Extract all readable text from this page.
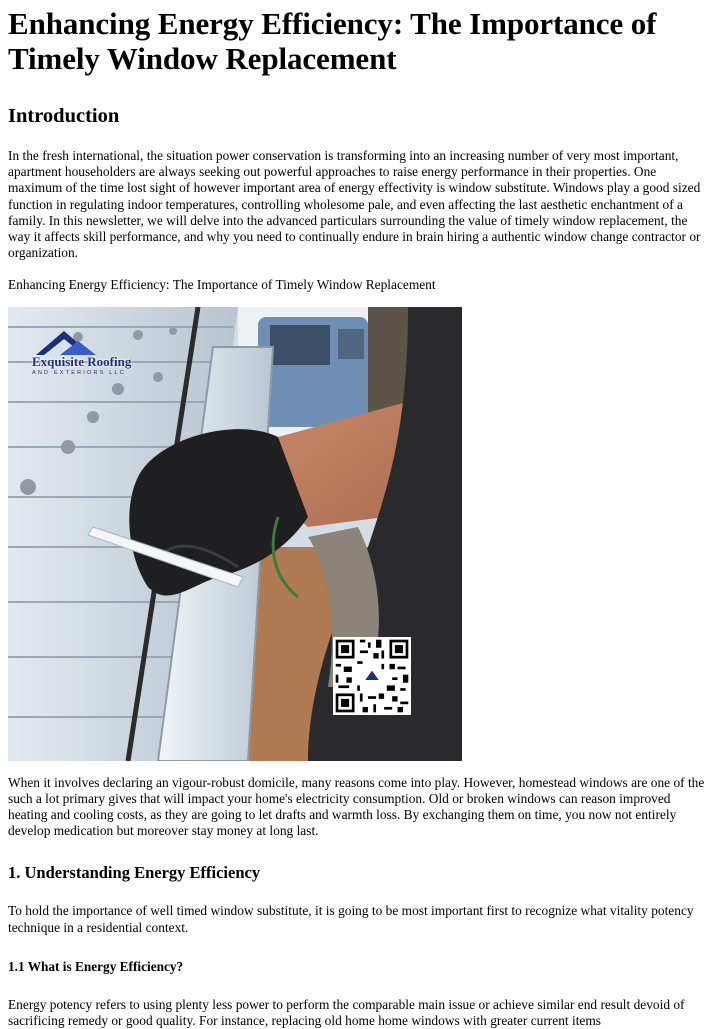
Enhancing Energy Efficiency: The Importance of Timely Window Replacement
Introduction

In the fresh international, the situation power conservation is transforming into an increasing number of very most important, apartment householders are always seeking out powerful approaches to raise energy performance in their properties. One maximum of the time lost sight of however important area of energy effectivity is window substitute. Windows play a good sized function in regulating indoor temperatures, controlling wholesome pale, and even affecting the last aesthetic enchantment of a family. In this newsletter, we will delve into the advanced particulars surrounding the value of timely window replacement, the way it affects skill performance, and why you need to continually endure in brain hiring a authentic window change contractor or organization.

Enhancing Energy Efficiency: The Importance of Timely Window Replacement

Exquisite Roofing
AND EXTERIORS LLC

When it involves declaring an vigour-robust domicile, many reasons come into play. However, homestead windows are one of the such a lot primary gives that will impact your home's electricity consumption. Old or broken windows can reason improved heating and cooling costs, as they are going to let drafts and warmth loss. By exchanging them on time, you now not entirely develop medication but moreover stay money at long last.

1. Understanding Energy Efficiency

To hold the importance of well timed window substitute, it is going to be most important first to recognize what vitality potency technique in a residential context.

1.1 What is Energy Efficiency?

Energy potency refers to using plenty less power to perform the comparable main issue or achieve similar end result devoid of sacrificing remedy or good quality. For instance, replacing old home home windows with greater current items
